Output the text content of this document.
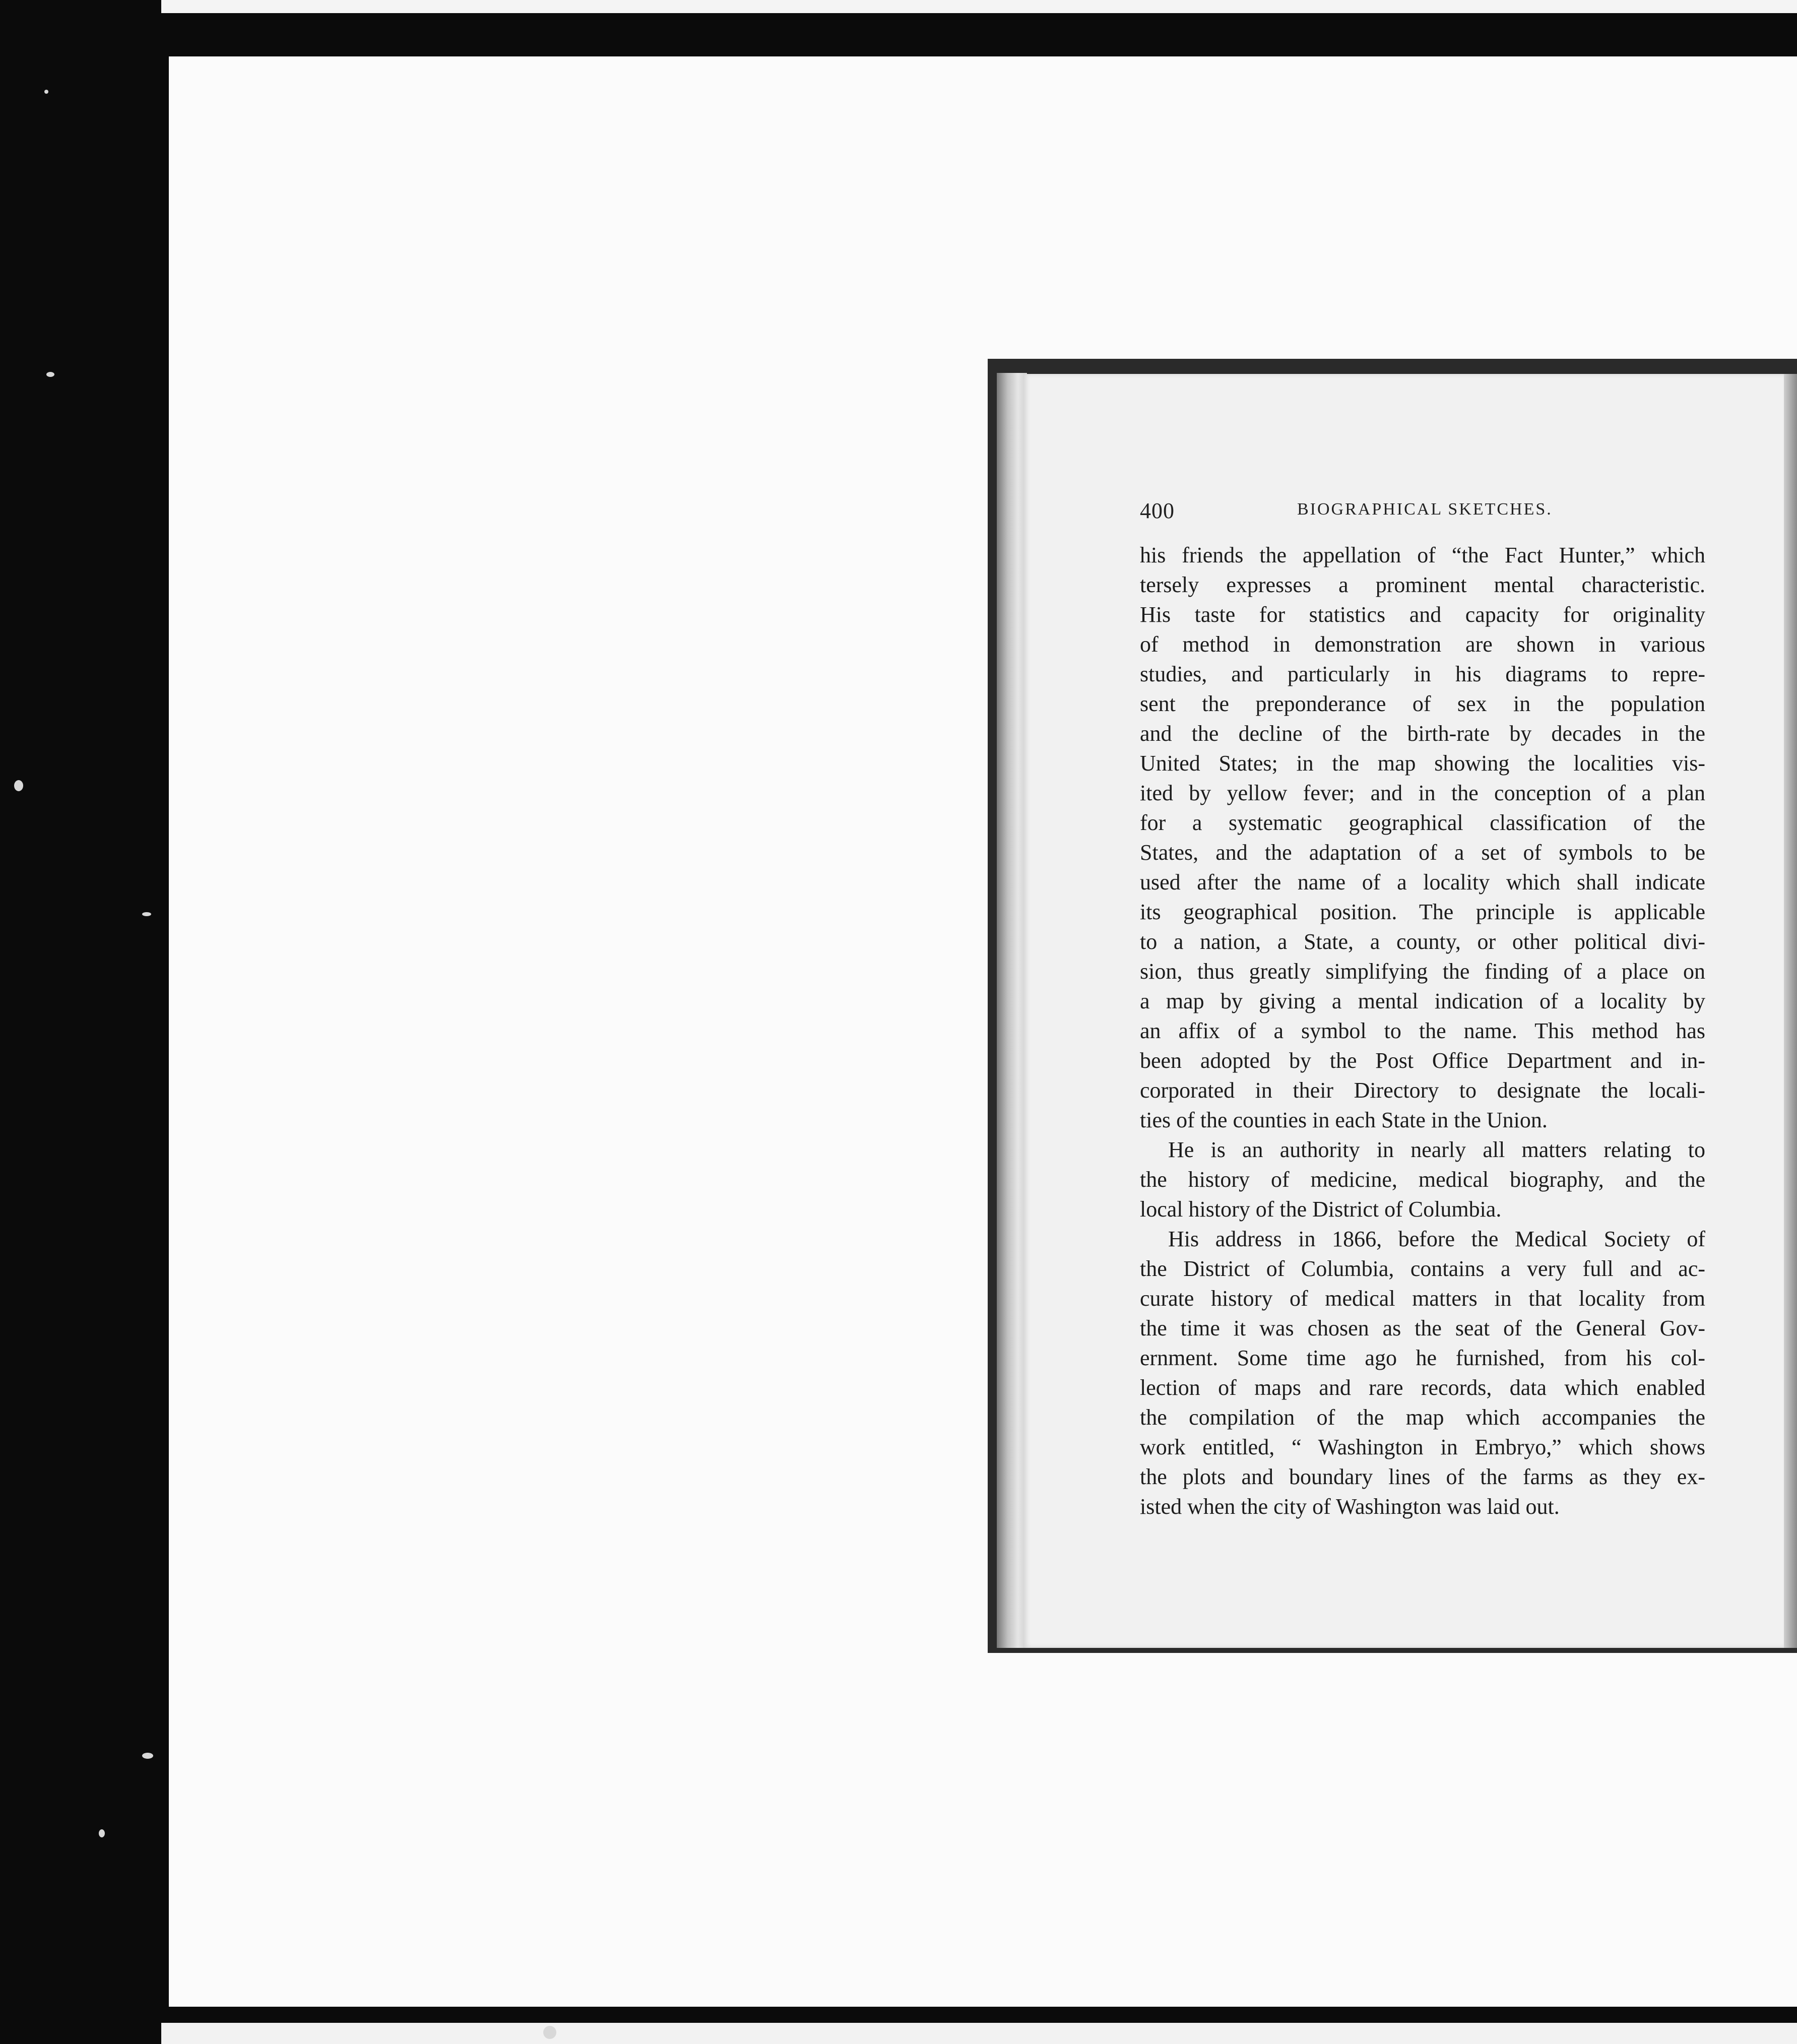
400	BIOGRAPHICAL SKETCHES.
his friends the appellation of “the Fact Hunter,” which
tersely expresses a prominent mental characteristic.
His taste for statistics and capacity for originality
of method in demonstration are shown in various
studies, and particularly in his diagrams to repre-
sent the preponderance of sex in the population
and the decline of the birth-rate by decades in the
United States; in the map showing the localities vis-
ited by yellow fever; and in the conception of a plan
for a systematic geographical classification of the
States, and the adaptation of a set of symbols to be
used after the name of a locality which shall indicate
its geographical position. The principle is applicable
to a nation, a State, a county, or other political divi-
sion, thus greatly simplifying the finding of a place on
a map by giving a mental indication of a locality by
an affix of a symbol to the name. This method has
been adopted by the Post Office Department and in-
corporated in their Directory to designate the locali-
ties of the counties in each State in the Union.
He is an authority in nearly all matters relating to
the history of medicine, medical biography, and the
local history of the District of Columbia.
His address in 1866, before the Medical Society of
the District of Columbia, contains a very full and ac-
curate history of medical matters in that locality from
the time it was chosen as the seat of the General Gov-
ernment. Some time ago he furnished, from his col-
lection of maps and rare records, data which enabled
the compilation of the map which accompanies the
work entitled, “ Washington in Embryo,” which shows
the plots and boundary lines of the farms as they ex-
isted when the city of Washington was laid out.
